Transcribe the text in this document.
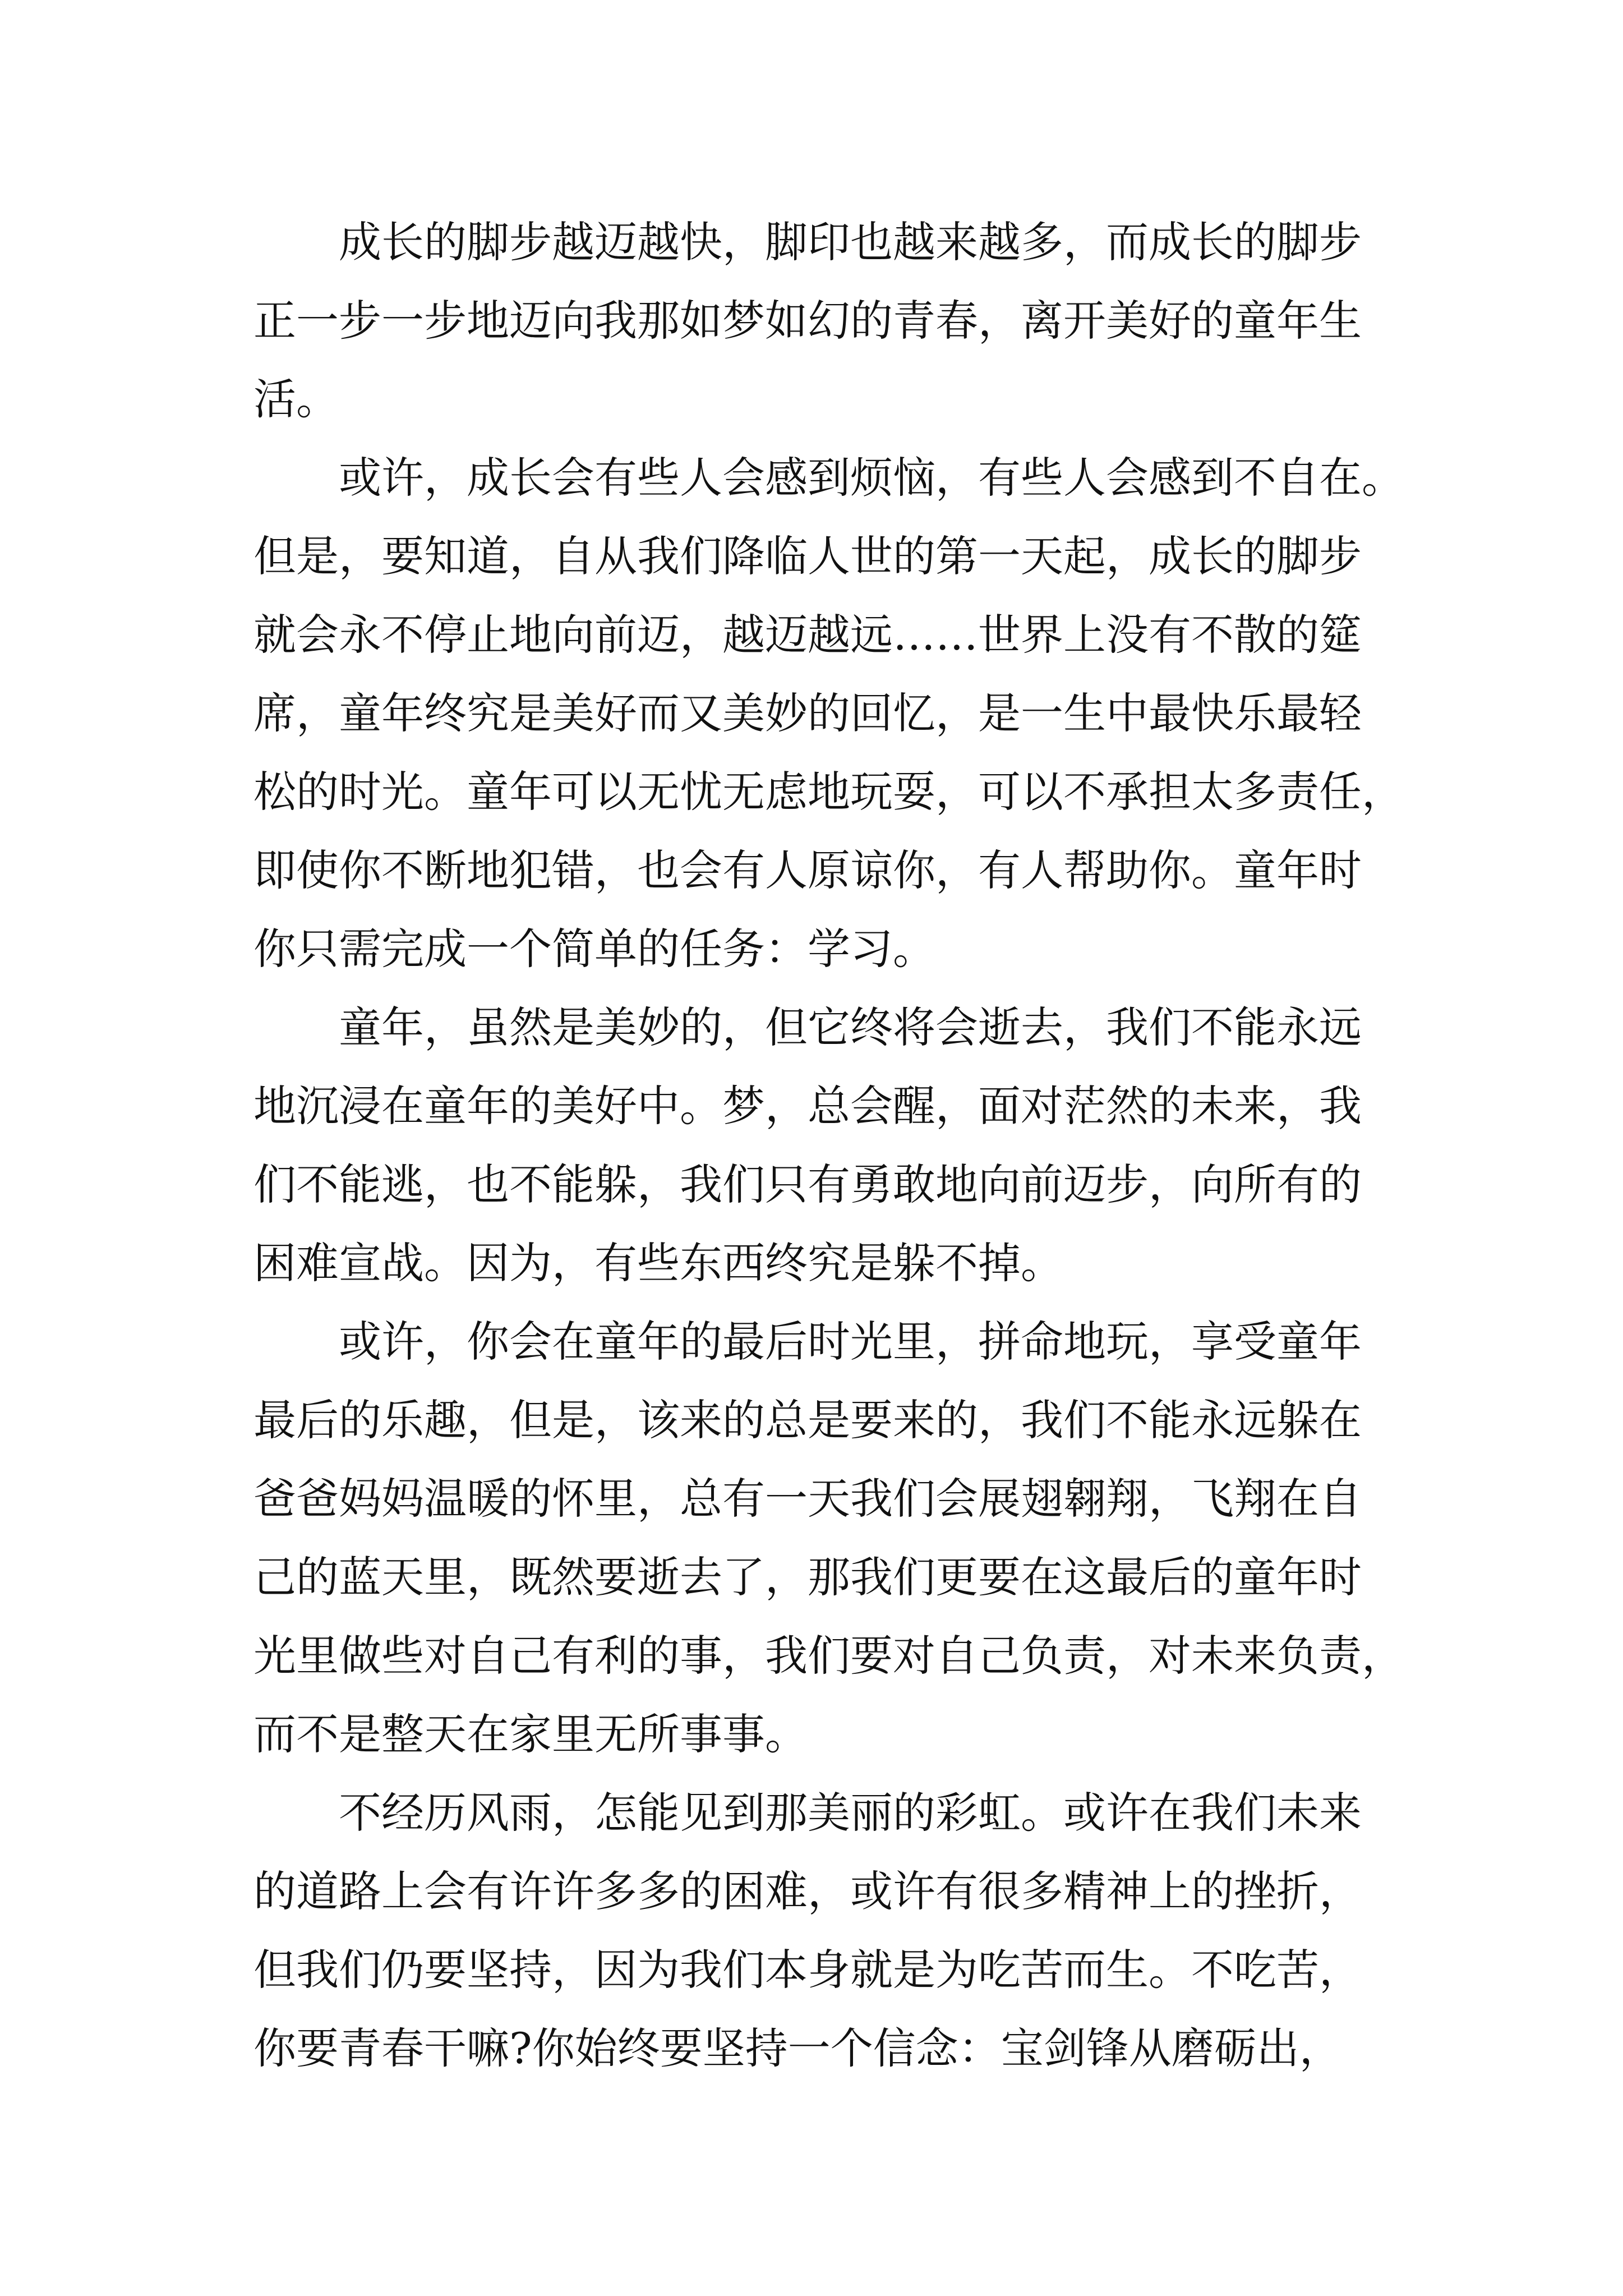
成长的脚步越迈越快，脚印也越来越多，而成长的脚步
正一步一步地迈向我那如梦如幻的青春，离开美好的童年生
活。
或许，成长会有些人会感到烦恼，有些人会感到不自在。
但是，要知道，自从我们降临人世的第一天起，成长的脚步
就会永不停止地向前迈，越迈越远……世界上没有不散的筵
席，童年终究是美好而又美妙的回忆，是一生中最快乐最轻
松的时光。童年可以无忧无虑地玩耍，可以不承担太多责任，
即使你不断地犯错，也会有人原谅你，有人帮助你。童年时
你只需完成一个简单的任务：学习。
童年，虽然是美妙的，但它终将会逝去，我们不能永远
地沉浸在童年的美好中。梦，总会醒，面对茫然的未来，我
们不能逃，也不能躲，我们只有勇敢地向前迈步，向所有的
困难宣战。因为，有些东西终究是躲不掉。
或许，你会在童年的最后时光里，拼命地玩，享受童年
最后的乐趣，但是，该来的总是要来的，我们不能永远躲在
爸爸妈妈温暖的怀里，总有一天我们会展翅翱翔，飞翔在自
己的蓝天里，既然要逝去了，那我们更要在这最后的童年时
光里做些对自己有利的事，我们要对自己负责，对未来负责，
而不是整天在家里无所事事。
不经历风雨，怎能见到那美丽的彩虹。或许在我们未来
的道路上会有许许多多的困难，或许有很多精神上的挫折，
但我们仍要坚持，因为我们本身就是为吃苦而生。不吃苦，
你要青春干嘛?你始终要坚持一个信念：宝剑锋从磨砺出，
